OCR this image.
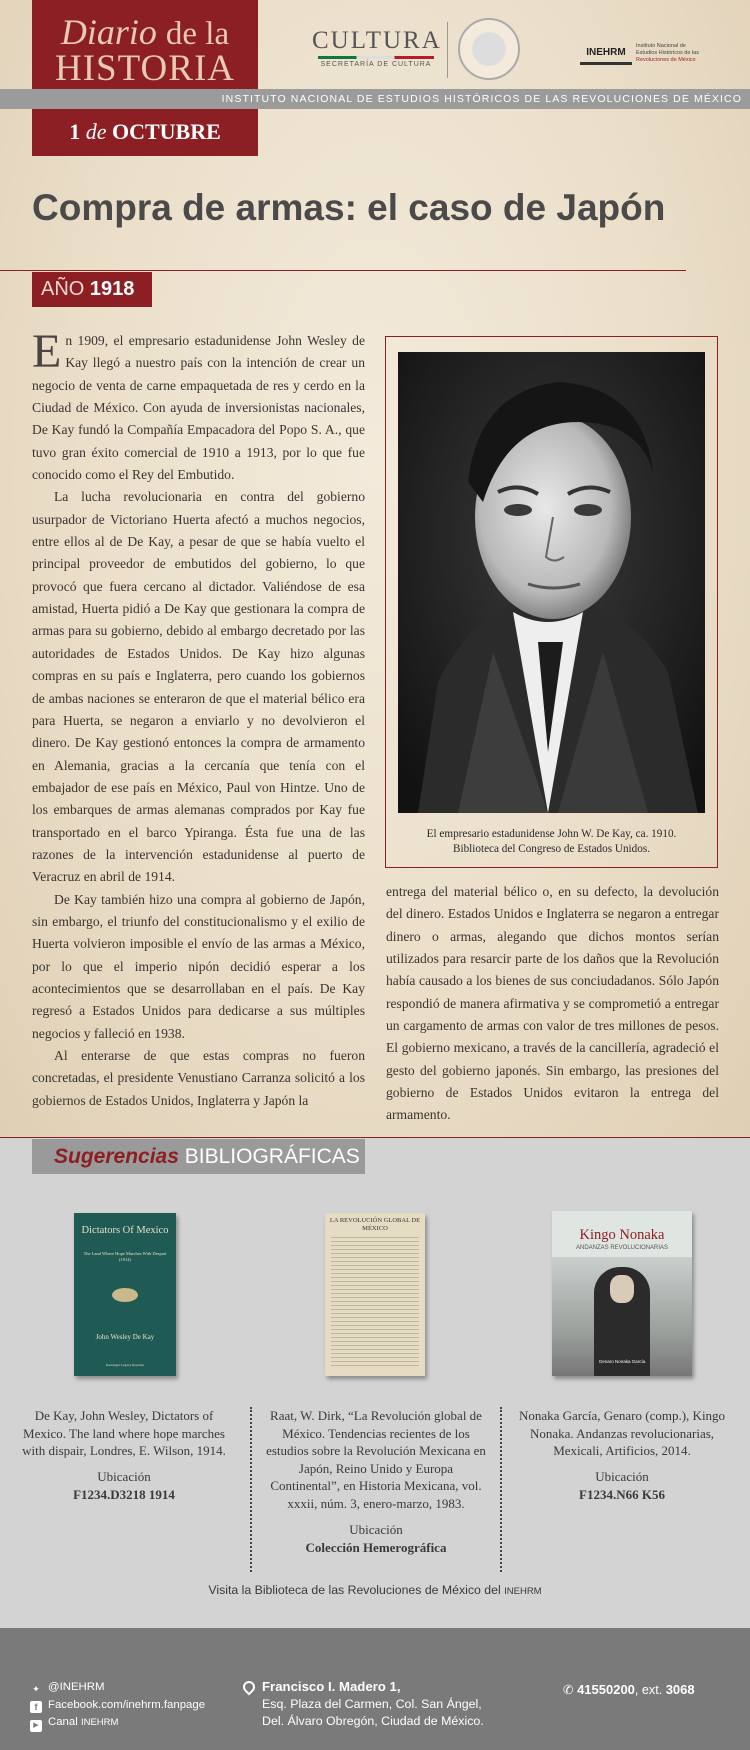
Diario de la
HISTORIA
1 de OCTUBRE
CULTURA
SECRETARÍA DE CULTURA
INEHRM
Instituto Nacional de
Estudios Históricos de las
Revoluciones de México
INSTITUTO NACIONAL DE ESTUDIOS HISTÓRICOS DE LAS REVOLUCIONES DE MÉXICO
Compra de armas: el caso de Japón
AÑO 1918

En 1909, el empresario estadunidense John Wesley de Kay llegó a nuestro país con la intención de crear un negocio de venta de carne empaquetada de res y cerdo en la Ciudad de México. Con ayuda de inversionistas nacionales, De Kay fundó la Compañía Empacadora del Popo S. A., que tuvo gran éxito comercial de 1910 a 1913, por lo que fue conocido como el Rey del Embutido.

La lucha revolucionaria en contra del gobierno usurpador de Victoriano Huerta afectó a muchos negocios, entre ellos al de De Kay, a pesar de que se había vuelto el principal proveedor de embutidos del gobierno, lo que provocó que fuera cercano al dictador. Valiéndose de esa amistad, Huerta pidió a De Kay que gestionara la compra de armas para su gobierno, debido al embargo decretado por las autoridades de Estados Unidos. De Kay hizo algunas compras en su país e Inglaterra, pero cuando los gobiernos de ambas naciones se enteraron de que el material bélico era para Huerta, se negaron a enviarlo y no devolvieron el dinero. De Kay gestionó entonces la compra de armamento en Alemania, gracias a la cercanía que tenía con el embajador de ese país en México, Paul von Hintze. Uno de los embarques de armas alemanas comprados por Kay fue transportado en el barco Ypiranga. Ésta fue una de las razones de la intervención estadunidense al puerto de Veracruz en abril de 1914.

De Kay también hizo una compra al gobierno de Japón, sin embargo, el triunfo del constitucionalismo y el exilio de Huerta volvieron imposible el envío de las armas a México, por lo que el imperio nipón decidió esperar a los acontecimientos que se desarrollaban en el país. De Kay regresó a Estados Unidos para dedicarse a sus múltiples negocios y falleció en 1938.

Al enterarse de que estas compras no fueron concretadas, el presidente Venustiano Carranza solicitó a los gobiernos de Estados Unidos, Inglaterra y Japón la

El empresario estadunidense John W. De Kay, ca. 1910.
Biblioteca del Congreso de Estados Unidos.

entrega del material bélico o, en su defecto, la devolución del dinero. Estados Unidos e Inglaterra se negaron a entregar dinero o armas, alegando que dichos montos serían utilizados para resarcir parte de los daños que la Revolución había causado a los bienes de sus conciudadanos. Sólo Japón respondió de manera afirmativa y se comprometió a entregar un cargamento de armas con valor de tres millones de pesos. El gobierno mexicano, a través de la cancillería, agradeció el gesto del gobierno japonés. Sin embargo, las presiones del gobierno de Estados Unidos evitaron la entrega del armamento.

Sugerencias BIBLIOGRÁFICAS
Dictators Of Mexico
The Land Where Hope Marches With Despair (1914)
John Wesley De Kay
Kessinger Legacy Reprints
LA REVOLUCIÓN GLOBAL DE MÉXICO	Kingo Nonaka
ANDANZAS REVOLUCIONARIAS
Genaro Nonaka García
De Kay, John Wesley, Dictators of Mexico. The land where hope marches with dispair, Londres, E. Wilson, 1914.
Raat, W. Dirk, “La Revolución global de México. Tendencias recientes de los estudios sobre la Revolución Mexicana en Japón, Reino Unido y Europa Continental”, en Historia Mexicana, vol. xxxii, núm. 3, enero-marzo, 1983.
Nonaka García, Genaro (comp.), Kingo Nonaka. Andanzas revolucionarias, Mexicali, Artificios, 2014.
Ubicación
F1234.D3218 1914
Ubicación
Colección Hemerográfica
Ubicación
F1234.N66 K56
Visita la Biblioteca de las Revoluciones de México del INEHRM
✦ @INEHRM
f Facebook.com/inehrm.fanpage
▶ Canal INEHRM
Francisco I. Madero 1,
Esq. Plaza del Carmen, Col. San Ángel,
Del. Álvaro Obregón, Ciudad de México.
✆ 41550200, ext. 3068
